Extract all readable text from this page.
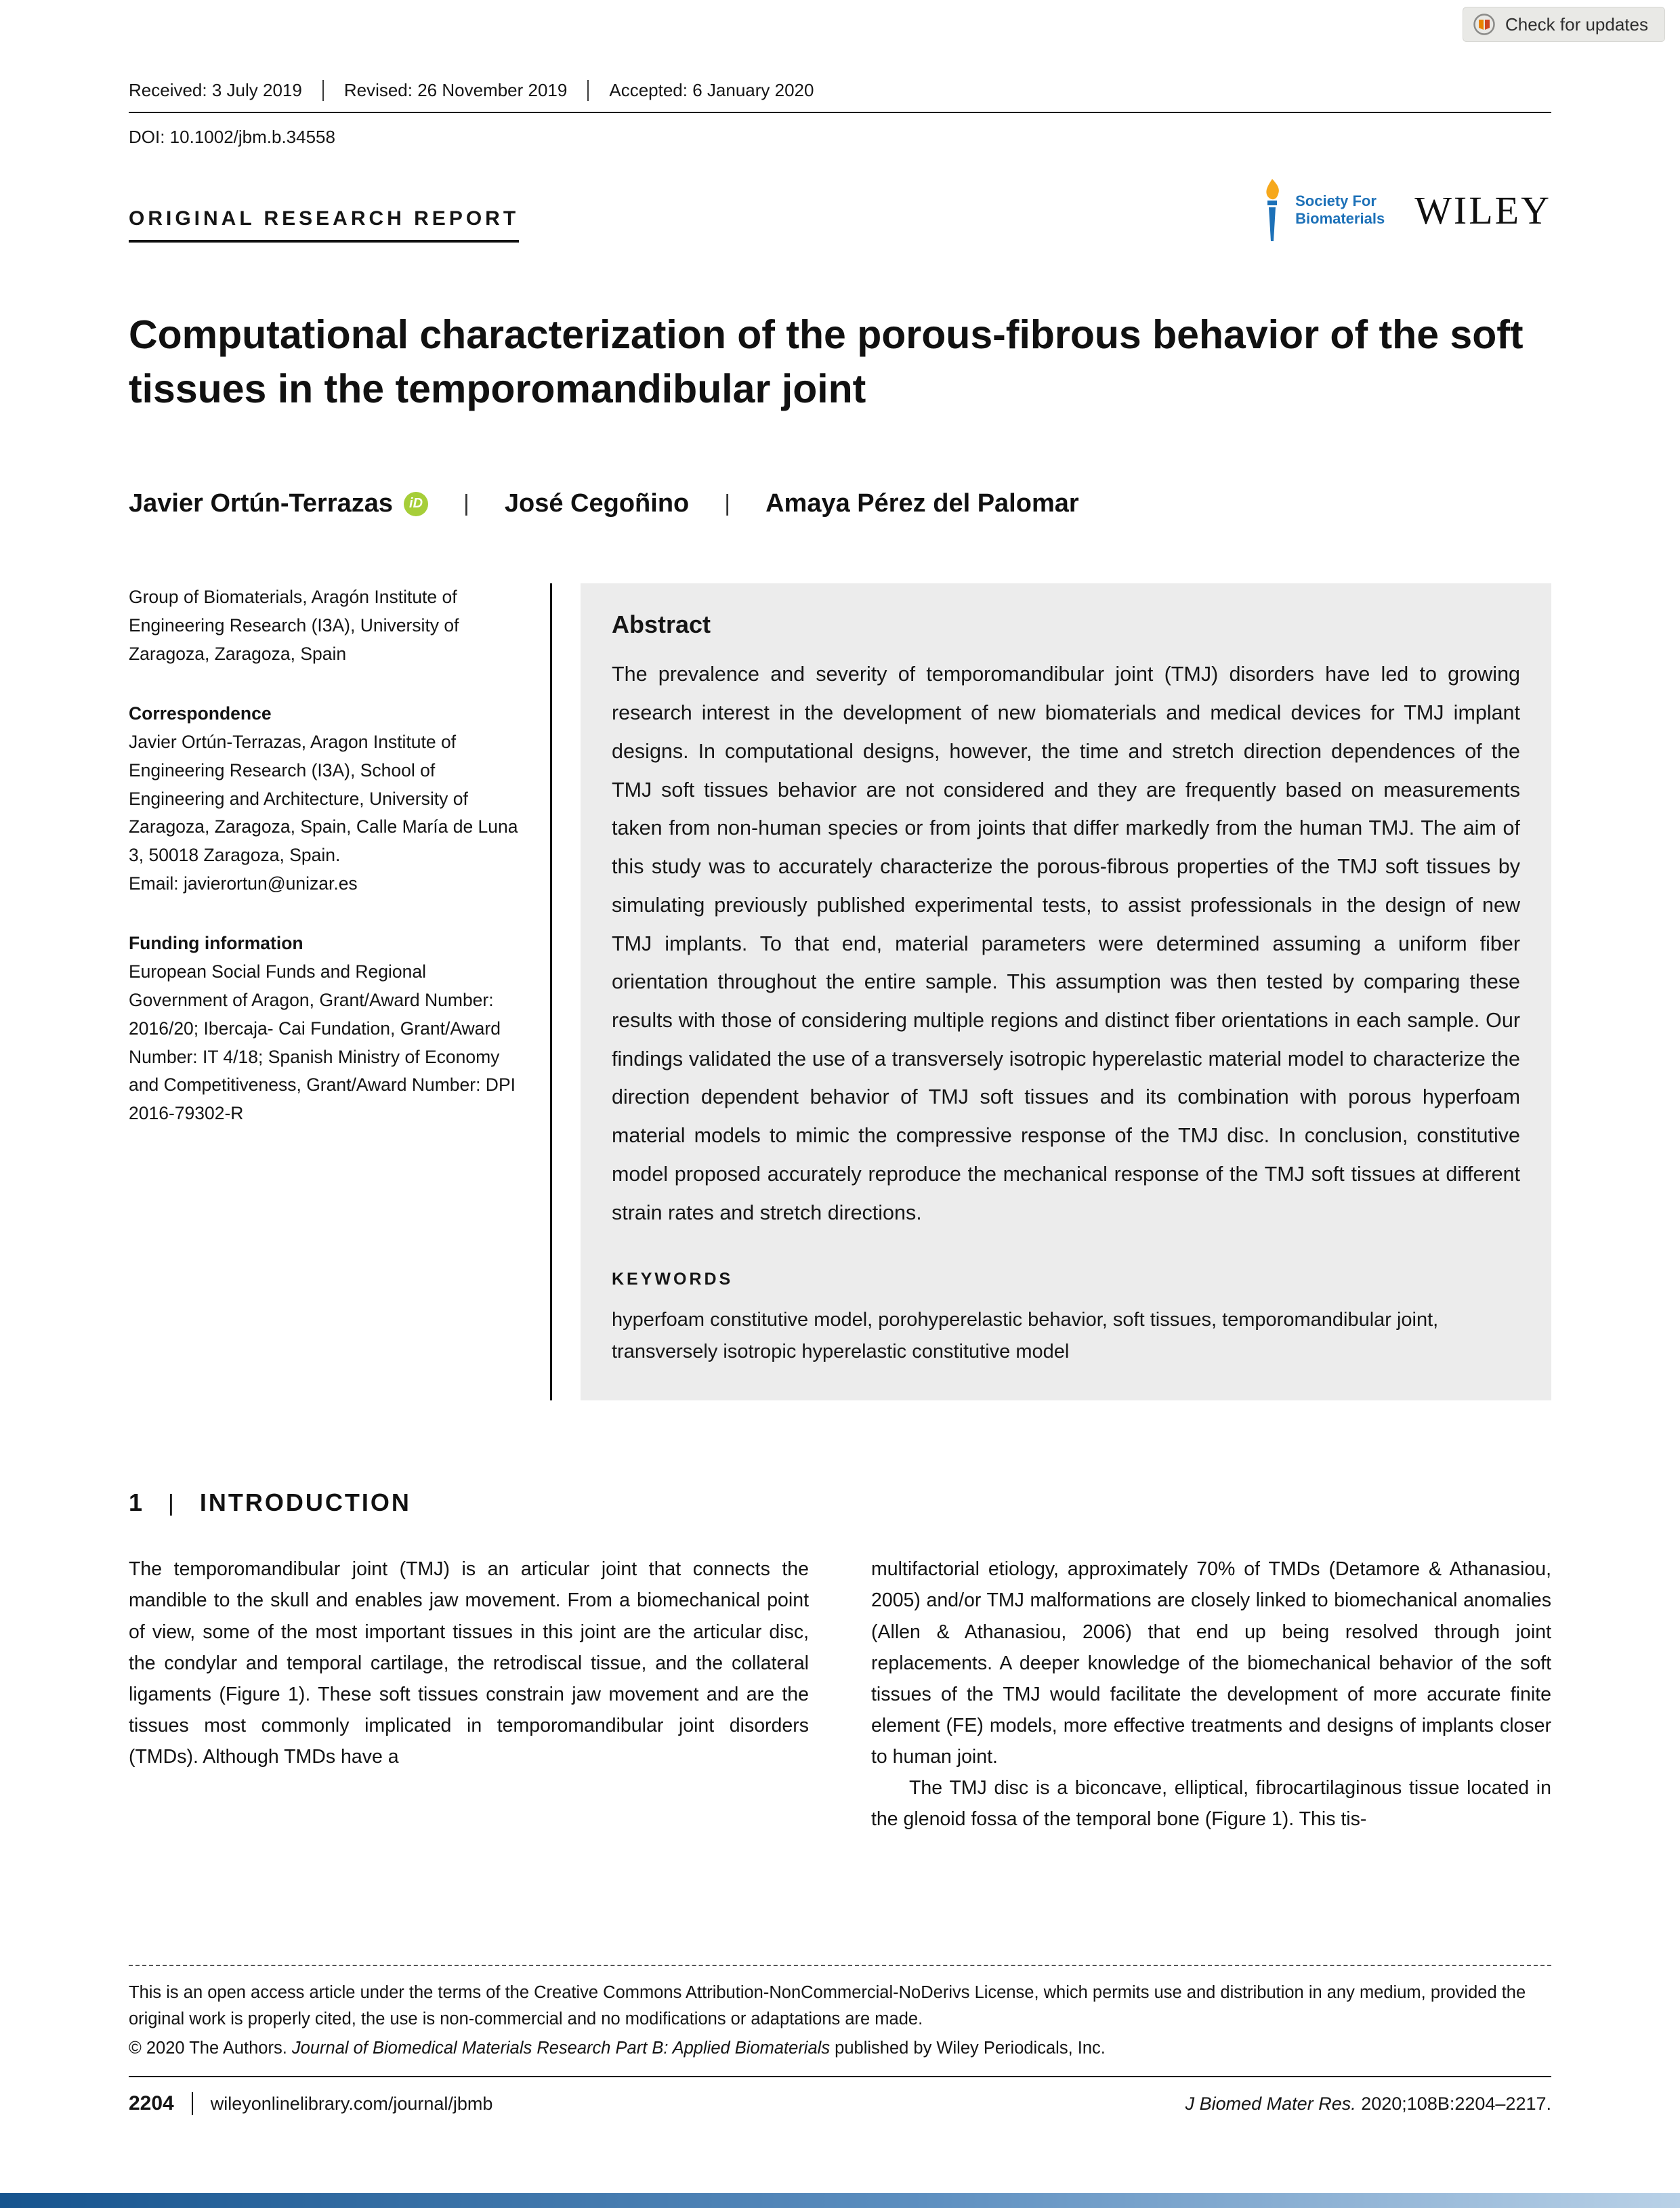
Check for updates
Received: 3 July 2019	Revised: 26 November 2019	Accepted: 6 January 2020
DOI: 10.1002/jbm.b.34558
ORIGINAL RESEARCH REPORT
Society For
Biomaterials WILEY
Computational characterization of the porous-fibrous behavior of the soft tissues in the temporomandibular joint
Javier Ortún-Terrazas	iD | José Cegoñino | Amaya Pérez del Palomar

Group of Biomaterials, Aragón Institute of Engineering Research (I3A), University of Zaragoza, Zaragoza, Spain

Correspondence

Javier Ortún-Terrazas, Aragon Institute of Engineering Research (I3A), School of Engineering and Architecture, University of Zaragoza, Zaragoza, Spain, Calle María de Luna 3, 50018 Zaragoza, Spain.

Email: javierortun@unizar.es

Funding information

European Social Funds and Regional Government of Aragon, Grant/Award Number: 2016/20; Ibercaja- Cai Fundation, Grant/Award Number: IT 4/18; Spanish Ministry of Economy and Competitiveness, Grant/Award Number: DPI 2016-79302-R

Abstract

The prevalence and severity of temporomandibular joint (TMJ) disorders have led to growing research interest in the development of new biomaterials and medical devices for TMJ implant designs. In computational designs, however, the time and stretch direction dependences of the TMJ soft tissues behavior are not considered and they are frequently based on measurements taken from non-human species or from joints that differ markedly from the human TMJ. The aim of this study was to accurately characterize the porous-fibrous properties of the TMJ soft tissues by simulating previously published experimental tests, to assist professionals in the design of new TMJ implants. To that end, material parameters were determined assuming a uniform fiber orientation throughout the entire sample. This assumption was then tested by comparing these results with those of considering multiple regions and distinct fiber orientations in each sample. Our findings validated the use of a transversely isotropic hyperelastic material model to characterize the direction dependent behavior of TMJ soft tissues and its combination with porous hyperfoam material models to mimic the compressive response of the TMJ disc. In conclusion, constitutive model proposed accurately reproduce the mechanical response of the TMJ soft tissues at different strain rates and stretch directions.

KEYWORDS

hyperfoam constitutive model, porohyperelastic behavior, soft tissues, temporomandibular joint, transversely isotropic hyperelastic constitutive model

1 | INTRODUCTION

The temporomandibular joint (TMJ) is an articular joint that connects the mandible to the skull and enables jaw movement. From a biomechanical point of view, some of the most important tissues in this joint are the articular disc, the condylar and temporal cartilage, the retrodiscal tissue, and the collateral ligaments (Figure 1). These soft tissues constrain jaw movement and are the tissues most commonly implicated in temporomandibular joint disorders (TMDs). Although TMDs have a

multifactorial etiology, approximately 70% of TMDs (Detamore & Athanasiou, 2005) and/or TMJ malformations are closely linked to biomechanical anomalies (Allen & Athanasiou, 2006) that end up being resolved through joint replacements. A deeper knowledge of the biomechanical behavior of the soft tissues of the TMJ would facilitate the development of more accurate finite element (FE) models, more effective treatments and designs of implants closer to human joint.

The TMJ disc is a biconcave, elliptical, fibrocartilaginous tissue located in the glenoid fossa of the temporal bone (Figure 1). This tis-

This is an open access article under the terms of the Creative Commons Attribution-NonCommercial-NoDerivs License, which permits use and distribution in any medium, provided the original work is properly cited, the use is non-commercial and no modifications or adaptations are made.

© 2020 The Authors. Journal of Biomedical Materials Research Part B: Applied Biomaterials published by Wiley Periodicals, Inc.

2204 wileyonlinelibrary.com/journal/jbmb	J Biomed Mater Res. 2020;108B:2204–2217.
